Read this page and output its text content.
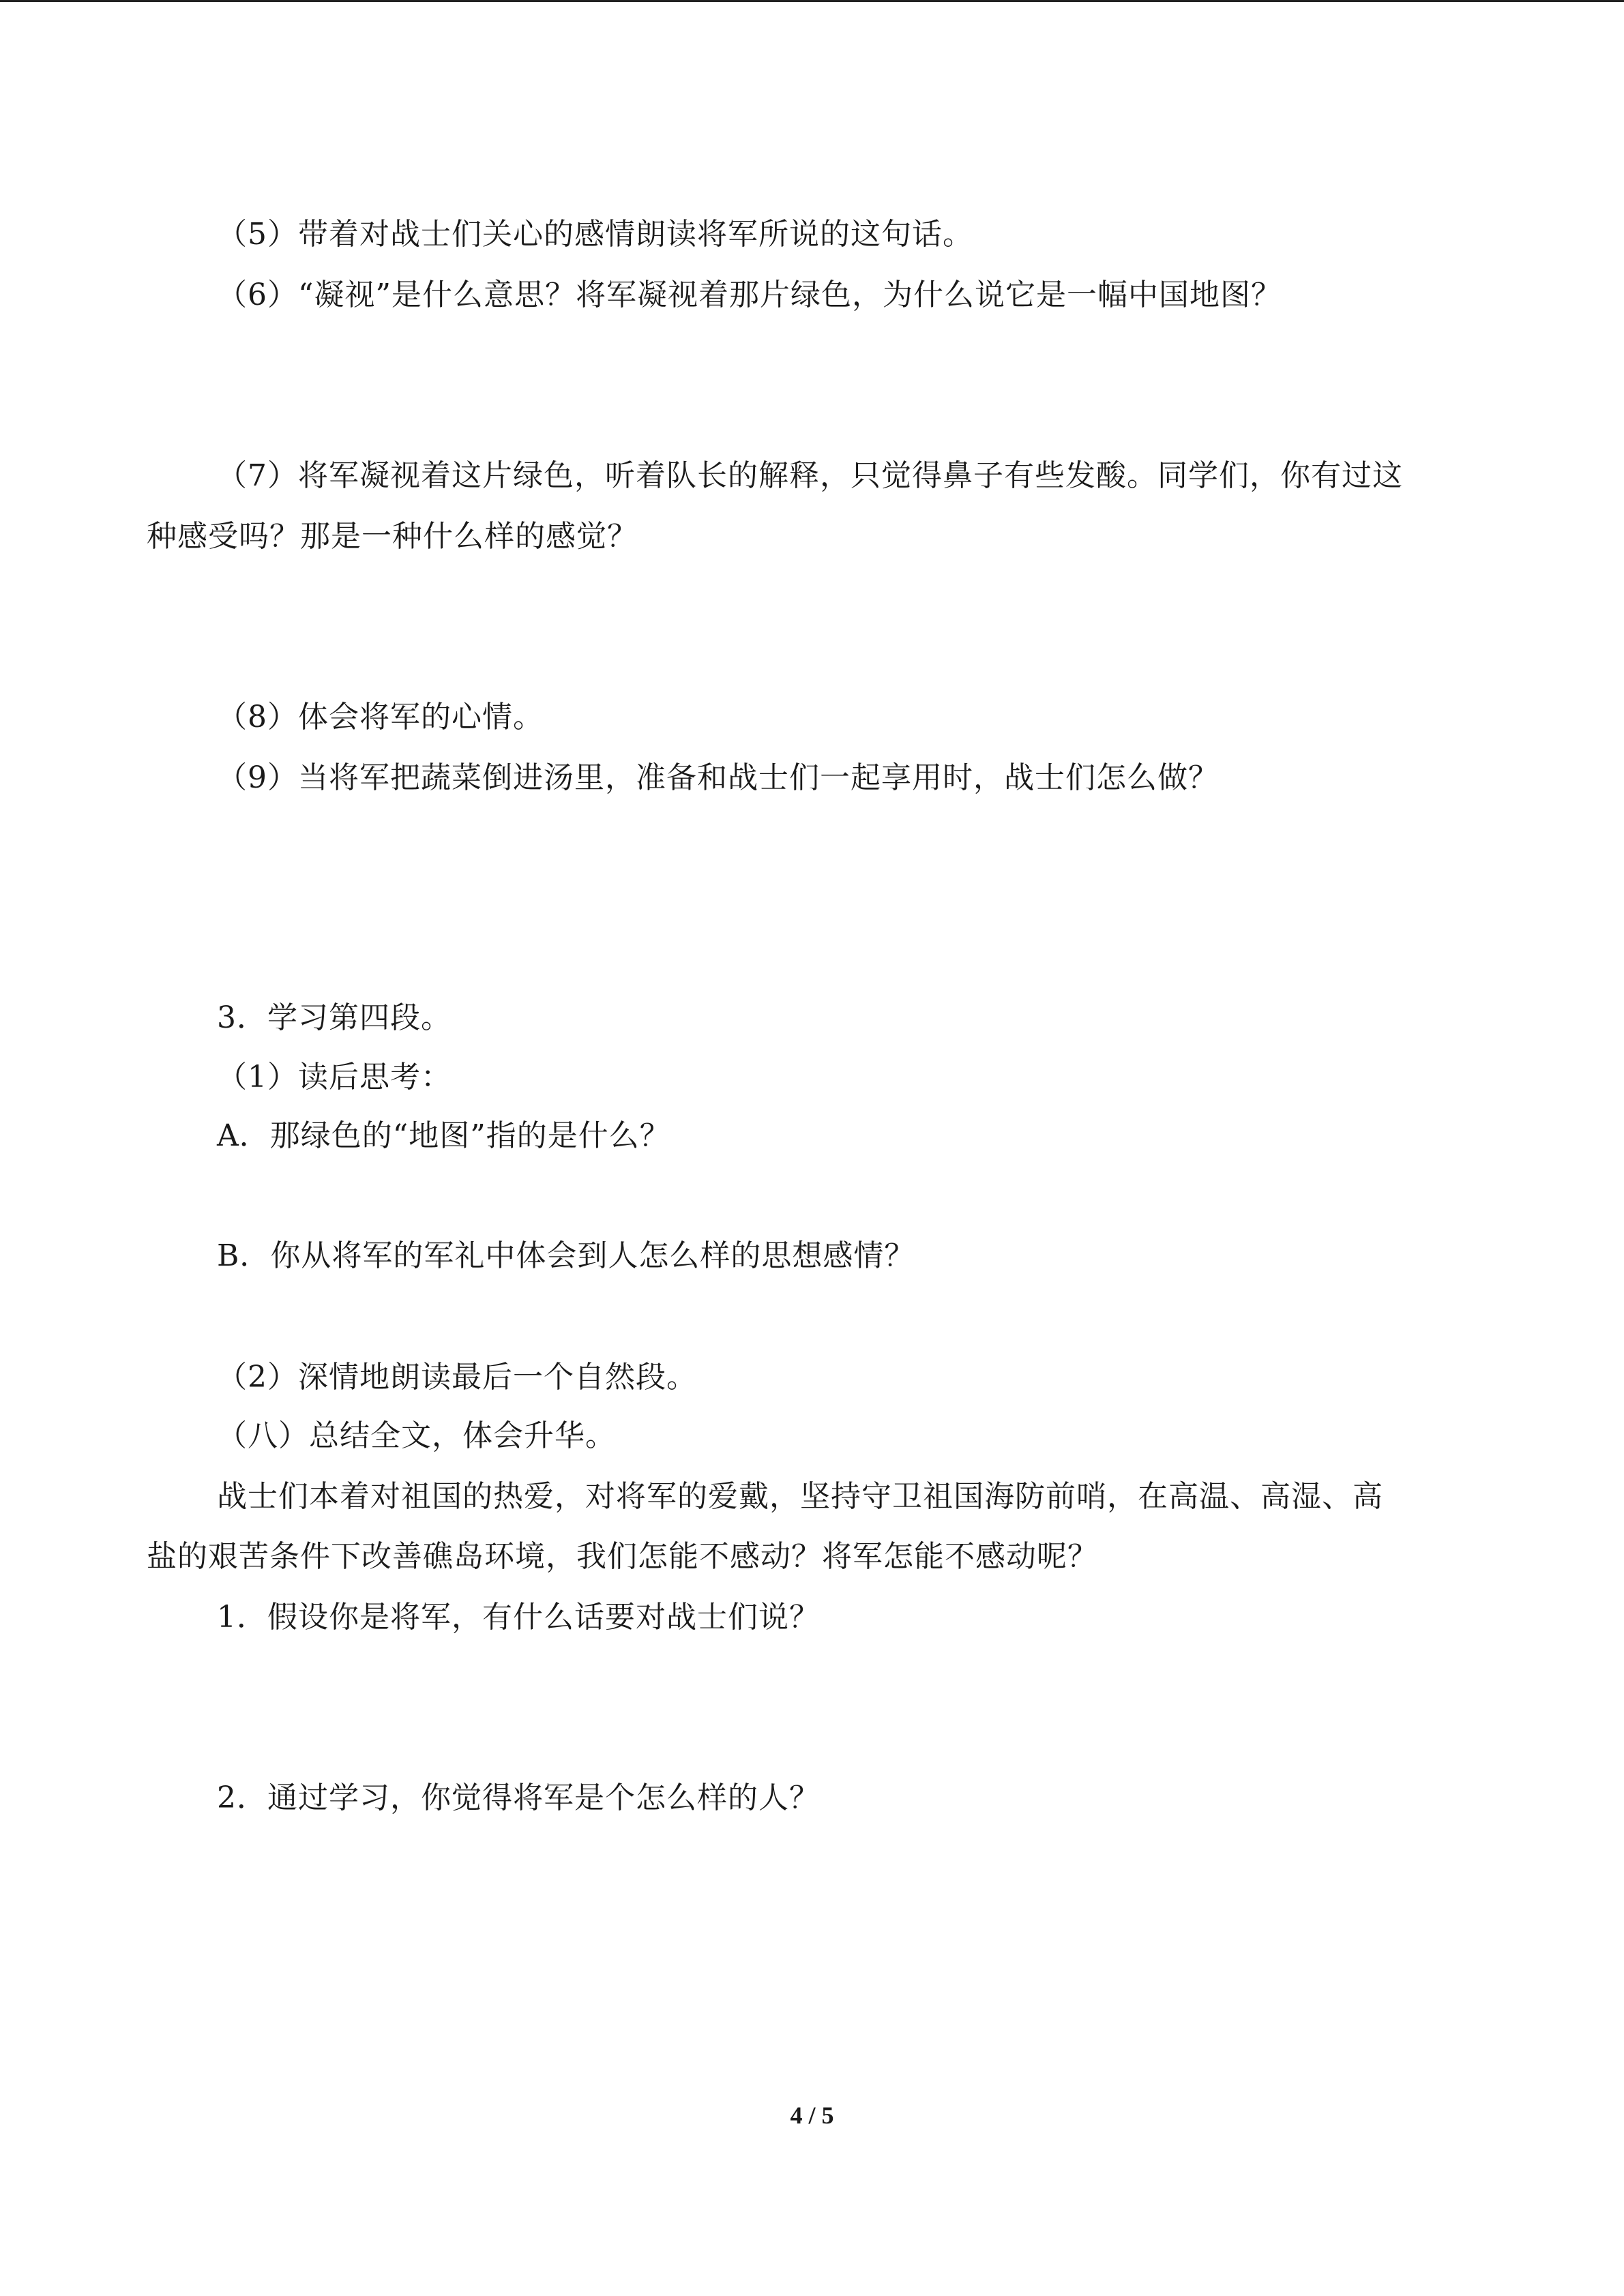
（5）带着对战士们关心的感情朗读将军所说的这句话。
（6）“凝视”是什么意思？将军凝视着那片绿色，为什么说它是一幅中国地图？
（7）将军凝视着这片绿色，听着队长的解释，只觉得鼻子有些发酸。同学们，你有过这
种感受吗？那是一种什么样的感觉？
（8）体会将军的心情。
（9）当将军把蔬菜倒进汤里，准备和战士们一起享用时，战士们怎么做？
3．学习第四段。
（1）读后思考：
A．那绿色的“地图”指的是什么？
B．你从将军的军礼中体会到人怎么样的思想感情？
（2）深情地朗读最后一个自然段。
（八）总结全文，体会升华。
战士们本着对祖国的热爱，对将军的爱戴，坚持守卫祖国海防前哨，在高温、高湿、高
盐的艰苦条件下改善礁岛环境，我们怎能不感动？将军怎能不感动呢？
1．假设你是将军，有什么话要对战士们说？
2．通过学习，你觉得将军是个怎么样的人？
4 / 5
